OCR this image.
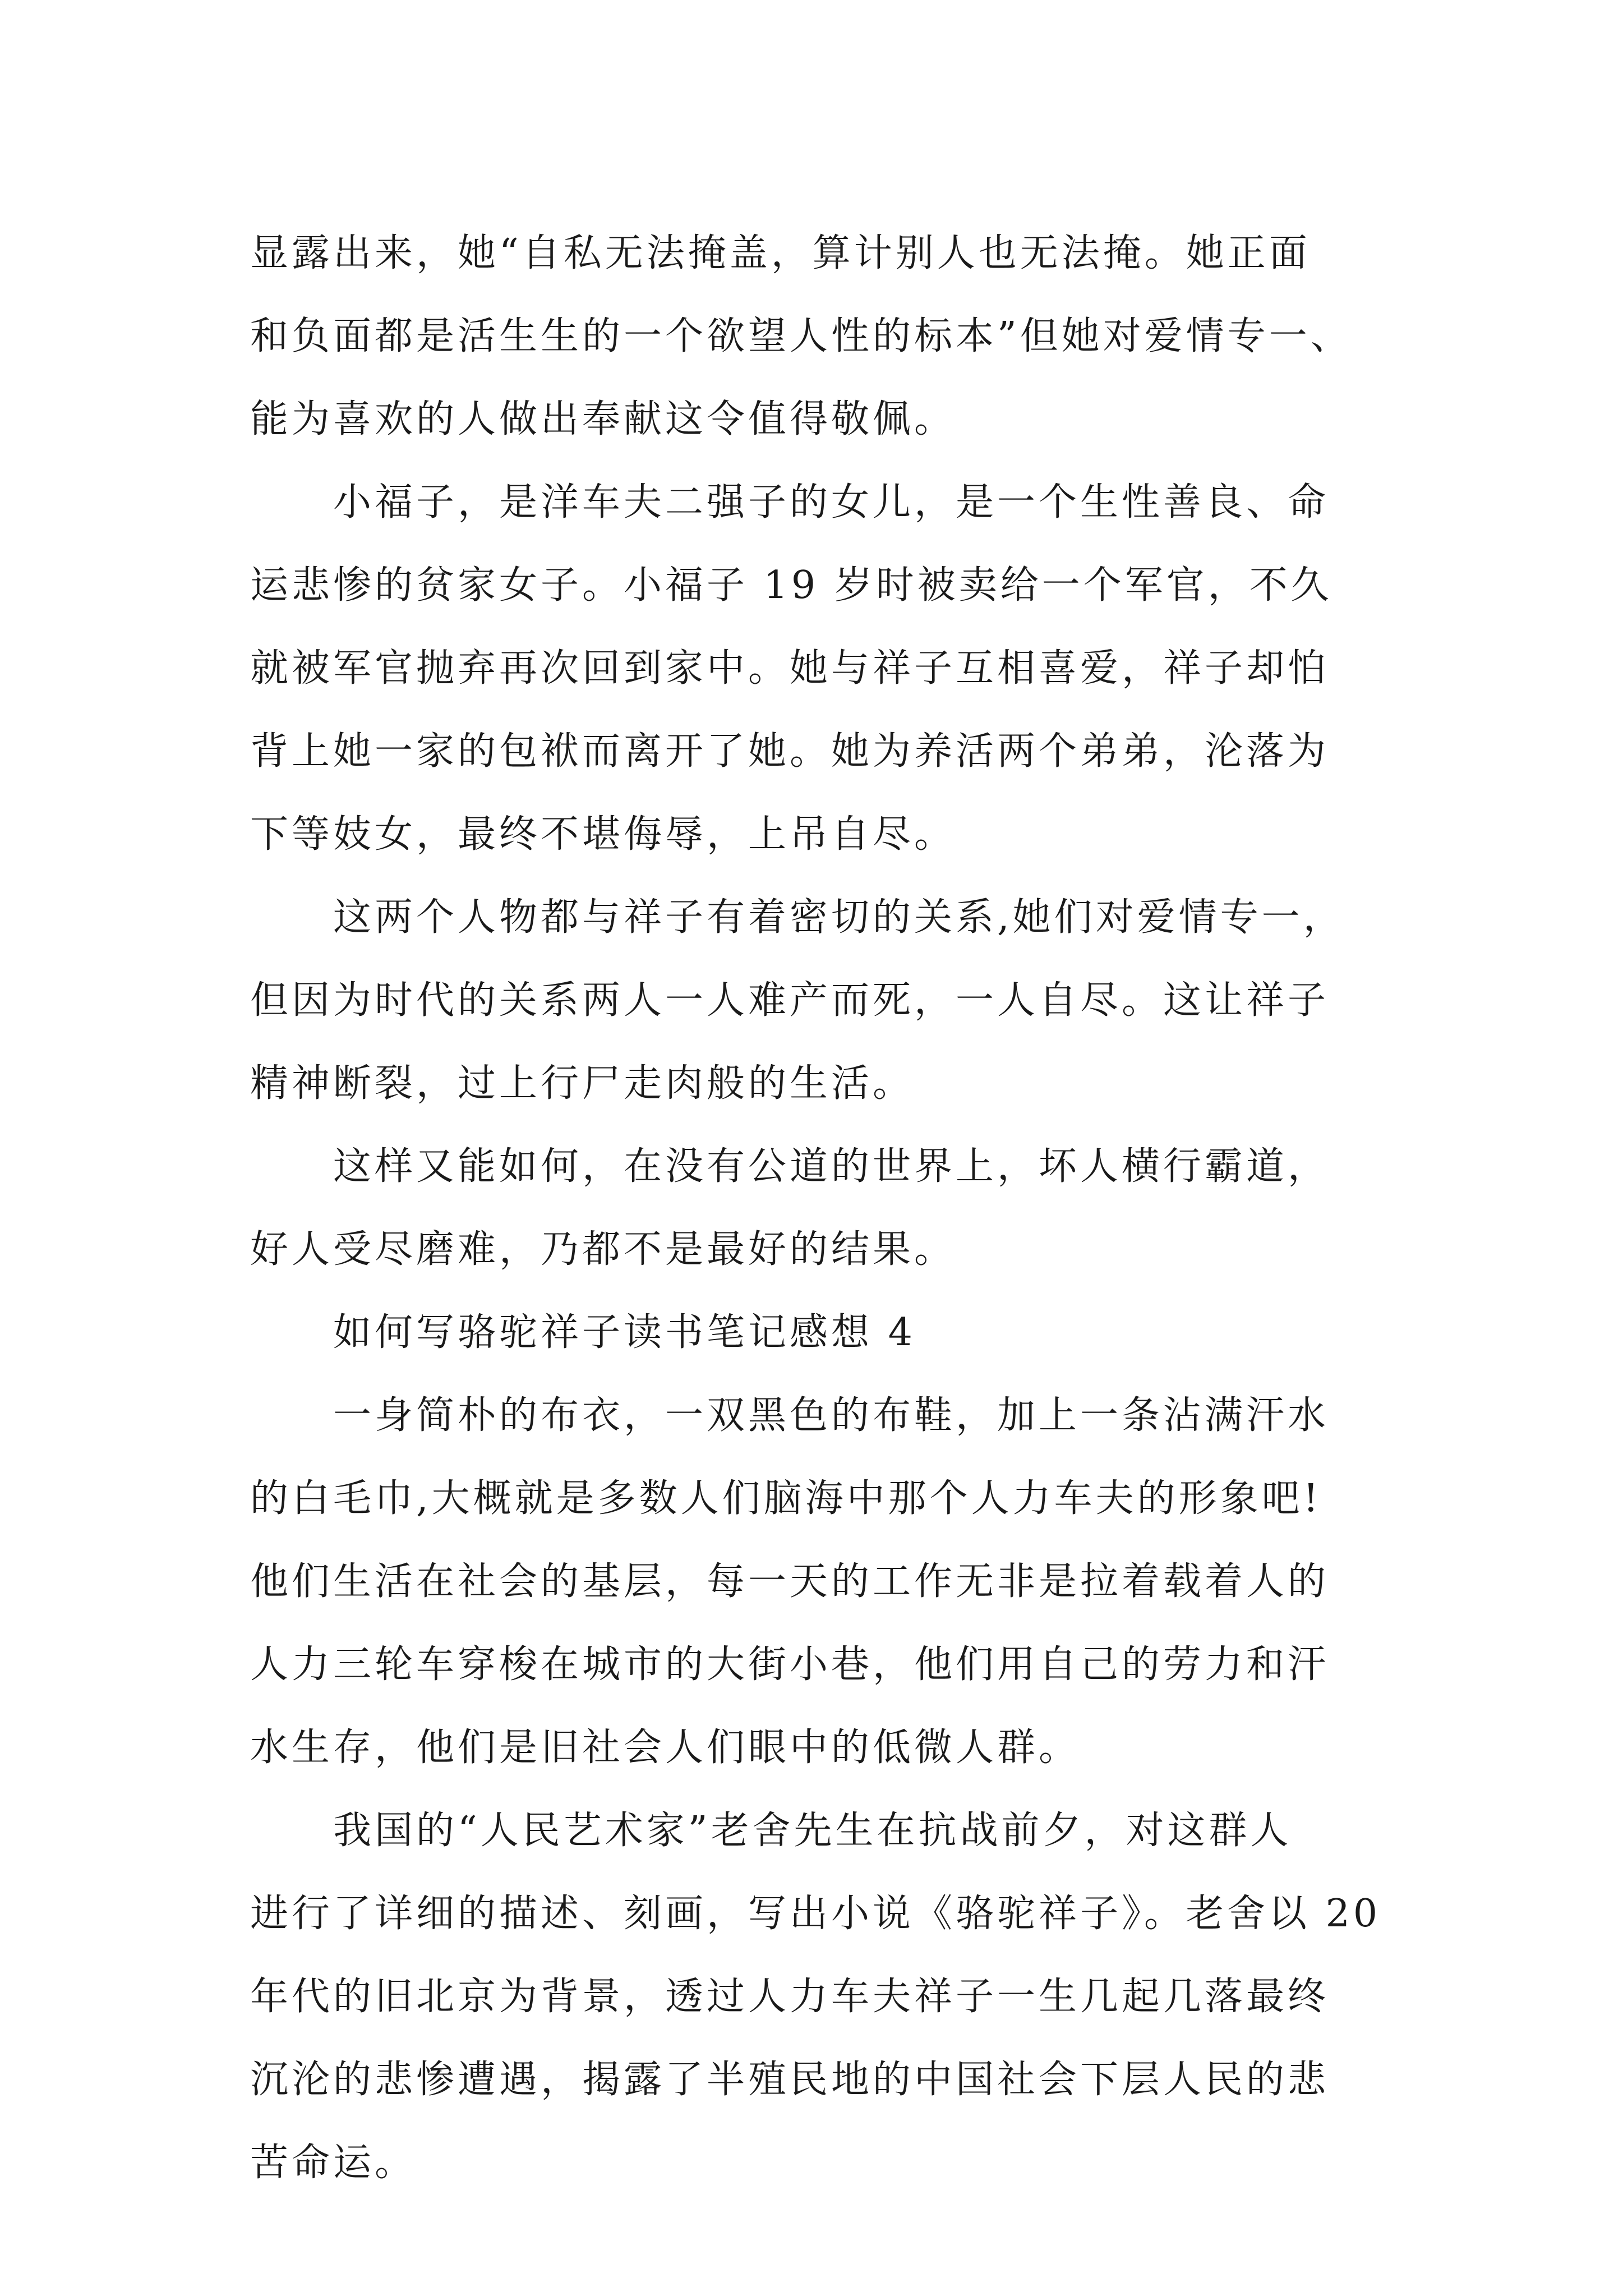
显露出来，她“自私无法掩盖，算计别人也无法掩。她正面
和负面都是活生生的一个欲望人性的标本”但她对爱情专一、
能为喜欢的人做出奉献这令值得敬佩。
　　小福子，是洋车夫二强子的女儿，是一个生性善良、命
运悲惨的贫家女子。小福子 19 岁时被卖给一个军官，不久
就被军官抛弃再次回到家中。她与祥子互相喜爱，祥子却怕
背上她一家的包袱而离开了她。她为养活两个弟弟，沦落为
下等妓女，最终不堪侮辱，上吊自尽。
　　这两个人物都与祥子有着密切的关系,她们对爱情专一，
但因为时代的关系两人一人难产而死，一人自尽。这让祥子
精神断裂，过上行尸走肉般的生活。
　　这样又能如何，在没有公道的世界上，坏人横行霸道，
好人受尽磨难，乃都不是最好的结果。
　　如何写骆驼祥子读书笔记感想 4
　　一身简朴的布衣，一双黑色的布鞋，加上一条沾满汗水
的白毛巾,大概就是多数人们脑海中那个人力车夫的形象吧!
他们生活在社会的基层，每一天的工作无非是拉着载着人的
人力三轮车穿梭在城市的大街小巷，他们用自己的劳力和汗
水生存，他们是旧社会人们眼中的低微人群。
　　我国的“人民艺术家”老舍先生在抗战前夕，对这群人
进行了详细的描述、刻画，写出小说《骆驼祥子》。老舍以 20
年代的旧北京为背景，透过人力车夫祥子一生几起几落最终
沉沦的悲惨遭遇，揭露了半殖民地的中国社会下层人民的悲
苦命运。
